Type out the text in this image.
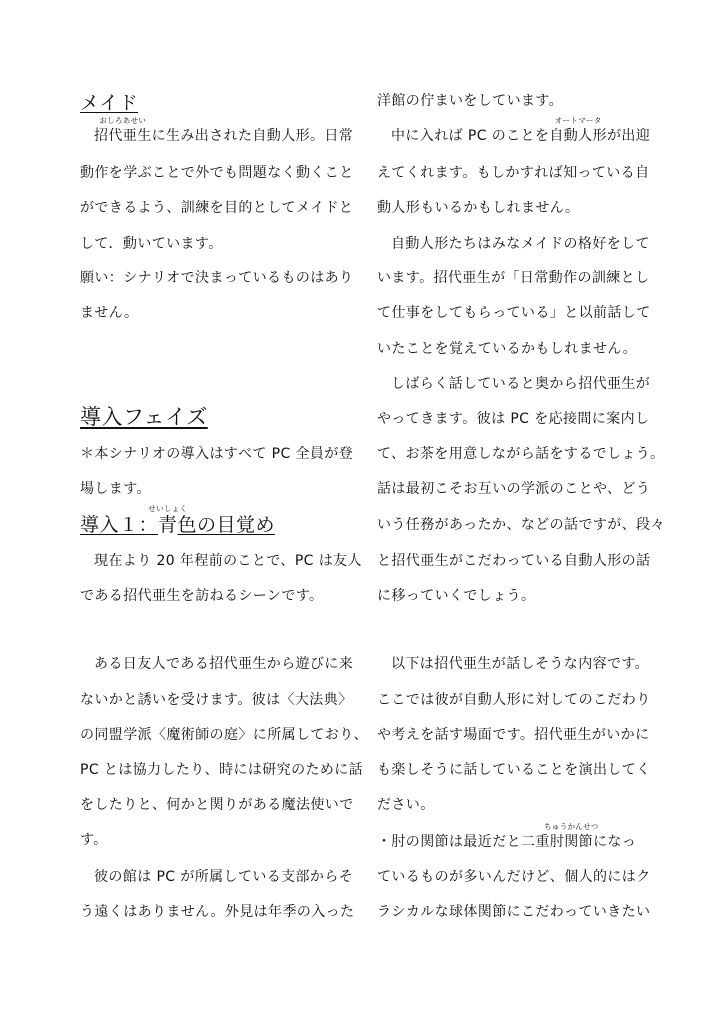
メイド
おしろあせい
招代亜生に生み出された自動人形。日常
動作を学ぶことで外でも問題なく動くこと
ができるよう、訓練を目的としてメイドと
して．動いています。
願い：シナリオで決まっているものはあり
ません。
導入フェイズ
＊本シナリオの導入はすべて PC 全員が登
場します。
導入１：
せいしょく
青色の目覚め
現在より 20 年程前のことで、PC は友人
である招代亜生を訪ねるシーンです。
ある日友人である招代亜生から遊びに来
ないかと誘いを受けます。彼は〈大法典〉
の同盟学派〈魔術師の庭〉に所属しており、
PC とは協力したり、時には研究のために話
をしたりと、何かと関りがある魔法使いで
す。
彼の館は PC が所属している支部からそ
う遠くはありません。外見は年季の入った
洋館の佇まいをしています。
中に入れば PC のことを
オートマータ
自動人形が出迎
えてくれます。もしかすれば知っている自
動人形もいるかもしれません。
自動人形たちはみなメイドの格好をして
います。招代亜生が「日常動作の訓練とし
て仕事をしてもらっている」と以前話して
いたことを覚えているかもしれません。
しばらく話していると奥から招代亜生が
やってきます。彼は PC を応接間に案内し
て、お茶を用意しながら話をするでしょう。
話は最初こそお互いの学派のことや、どう
いう任務があったか、などの話ですが、段々
と招代亜生がこだわっている自動人形の話
に移っていくでしょう。
以下は招代亜生が話しそうな内容です。
ここでは彼が自動人形に対してのこだわり
や考えを話す場面です。招代亜生がいかに
も楽しそうに話していることを演出してく
ださい。
・肘の関節は最近だと二重
ちゅうかんせつ
肘関節になっ
ているものが多いんだけど、個人的にはク
ラシカルな球体関節にこだわっていきたい
